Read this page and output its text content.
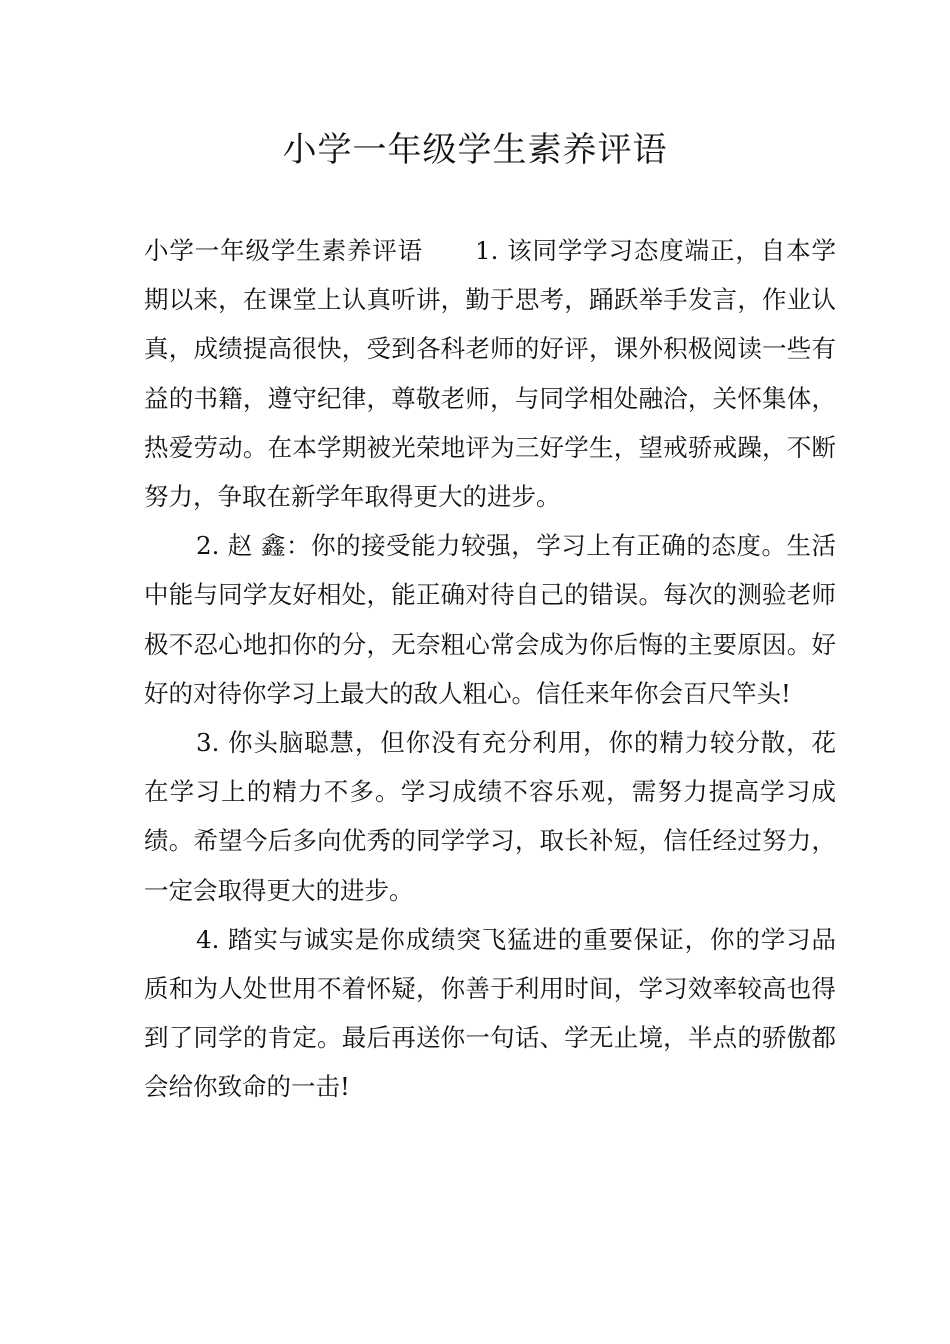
小学一年级学生素养评语

小学一年级学生素养评语 1. 该同学学习态度端正，自本学期以来，在课堂上认真听讲，勤于思考，踊跃举手发言，作业认真，成绩提高很快，受到各科老师的好评，课外积极阅读一些有益的书籍，遵守纪律，尊敬老师，与同学相处融洽，关怀集体，热爱劳动。在本学期被光荣地评为三好学生，望戒骄戒躁，不断努力，争取在新学年取得更大的进步。

2. 赵 鑫：你的接受能力较强，学习上有正确的态度。生活中能与同学友好相处，能正确对待自己的错误。每次的测验老师极不忍心地扣你的分，无奈粗心常会成为你后悔的主要原因。好好的对待你学习上最大的敌人粗心。信任来年你会百尺竿头!

3. 你头脑聪慧，但你没有充分利用，你的精力较分散，花在学习上的精力不多。学习成绩不容乐观，需努力提高学习成绩。希望今后多向优秀的同学学习，取长补短，信任经过努力，一定会取得更大的进步。

4. 踏实与诚实是你成绩突飞猛进的重要保证，你的学习品质和为人处世用不着怀疑，你善于利用时间，学习效率较高也得到了同学的肯定。最后再送你一句话、学无止境，半点的骄傲都会给你致命的一击!
